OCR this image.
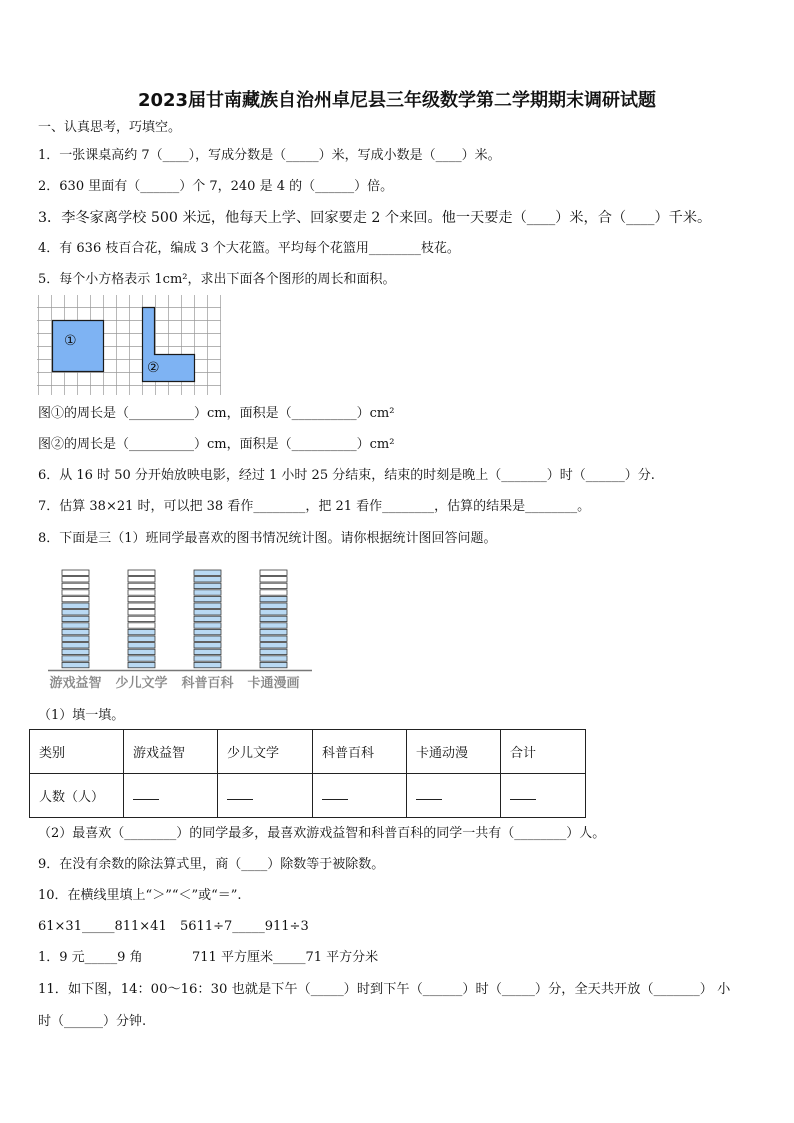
2023届甘南藏族自治州卓尼县三年级数学第二学期期末调研试题
一、认真思考，巧填空。
1．一张课桌高约 7（____），写成分数是（_____）米，写成小数是（____）米。
2．630 里面有（______）个 7，240 是 4 的（______）倍。
3．李冬家离学校 500 米远，他每天上学、回家要走 2 个来回。他一天要走（____）米，合（____）千米。
4．有 636 枝百合花，编成 3 个大花篮。平均每个花篮用________枝花。
5．每个小方格表示 1cm²，求出下面各个图形的周长和面积。
①
②
图①的周长是（__________）cm，面积是（__________）cm²
图②的周长是（__________）cm，面积是（__________）cm²
6．从 16 时 50 分开始放映电影，经过 1 小时 25 分结束，结束的时刻是晚上（_______）时（______）分.
7．估算 38×21 时，可以把 38 看作________，把 21 看作________，估算的结果是________。
8．下面是三（1）班同学最喜欢的图书情况统计图。请你根据统计图回答问题。
游戏益智 少儿文学 科普百科 卡通漫画
（1）填一填。
类别	游戏益智	少儿文学	科普百科	卡通动漫	合计
人数（人）					
（2）最喜欢（________）的同学最多，最喜欢游戏益智和科普百科的同学一共有（________）人。
9．在没有余数的除法算式里，商（____）除数等于被除数。
10．在横线里填上“＞”“＜”或“＝”.
61×31_____811×41 5611÷7_____911÷3
1．9 元_____9 角	711 平方厘米_____71 平方分米
11．如下图，14：00～16：30 也就是下午（_____）时到下午（______）时（_____）分，全天共开放（_______） 小
时（______）分钟.
